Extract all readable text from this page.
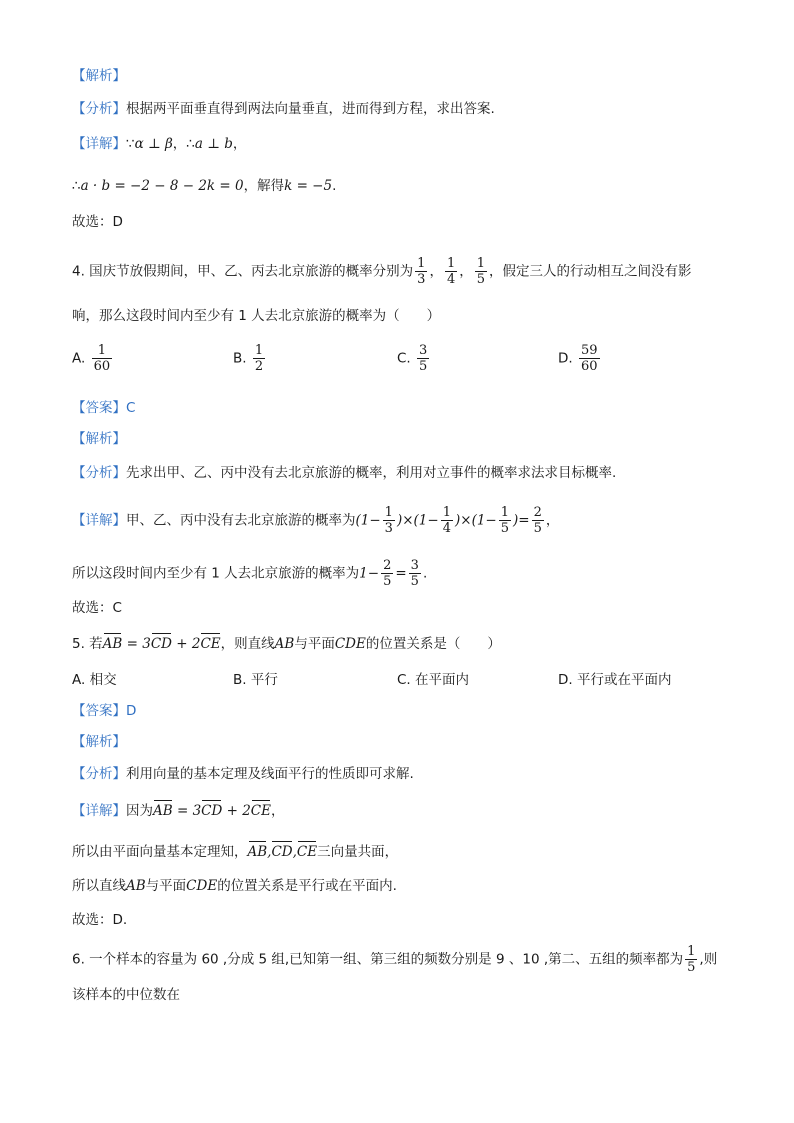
【解析】
【分析】根据两平面垂直得到两法向量垂直，进而得到方程，求出答案.
【详解】∵α ⊥ β，∴a ⊥ b，
∴a · b = −2 − 8 − 2k = 0，解得k = −5.
故选：D
4. 国庆节放假期间，甲、乙、丙去北京旅游的概率分别为 $\frac{1}{3}$ ， $\frac{1}{4}$ ， $\frac{1}{5}$ ，假定三人的行动相互之间没有影
响，那么这段时间内至少有 1 人去北京旅游的概率为（　　）
A. $\frac{1}{60}$	B. $\frac{1}{2}$	C. $\frac{3}{5}$	D. $\frac{59}{60}$
【答案】C
【解析】
【分析】先求出甲、乙、丙中没有去北京旅游的概率，利用对立事件的概率求法求目标概率.
【详解】甲、乙、丙中没有去北京旅游的概率为$(1- \frac{1}{3} )\times(1- \frac{1}{4} )\times(1- \frac{1}{5}$ )= $\frac{2}{5}$ ，
所以这段时间内至少有 1 人去北京旅游的概率为$1- \frac{2}{5} = \frac{3}{5}$ .
故选：C
5. 若AB = 3CD + 2CE，则直线AB与平面CDE的位置关系是（　　）
A. 相交	B. 平行	C. 在平面内	D. 平行或在平面内
【答案】D
【解析】
【分析】利用向量的基本定理及线面平行的性质即可求解.
【详解】因为AB = 3CD + 2CE，
所以由平面向量基本定理知，AB,CD,CE三向量共面，
所以直线AB与平面CDE的位置关系是平行或在平面内.
故选：D.
6. 一个样本的容量为 60 ,分成 5 组,已知第一组、第三组的频数分别是 9 、10 ,第二、五组的频率都为 $\frac{1}{5}$ ,则
该样本的中位数在
